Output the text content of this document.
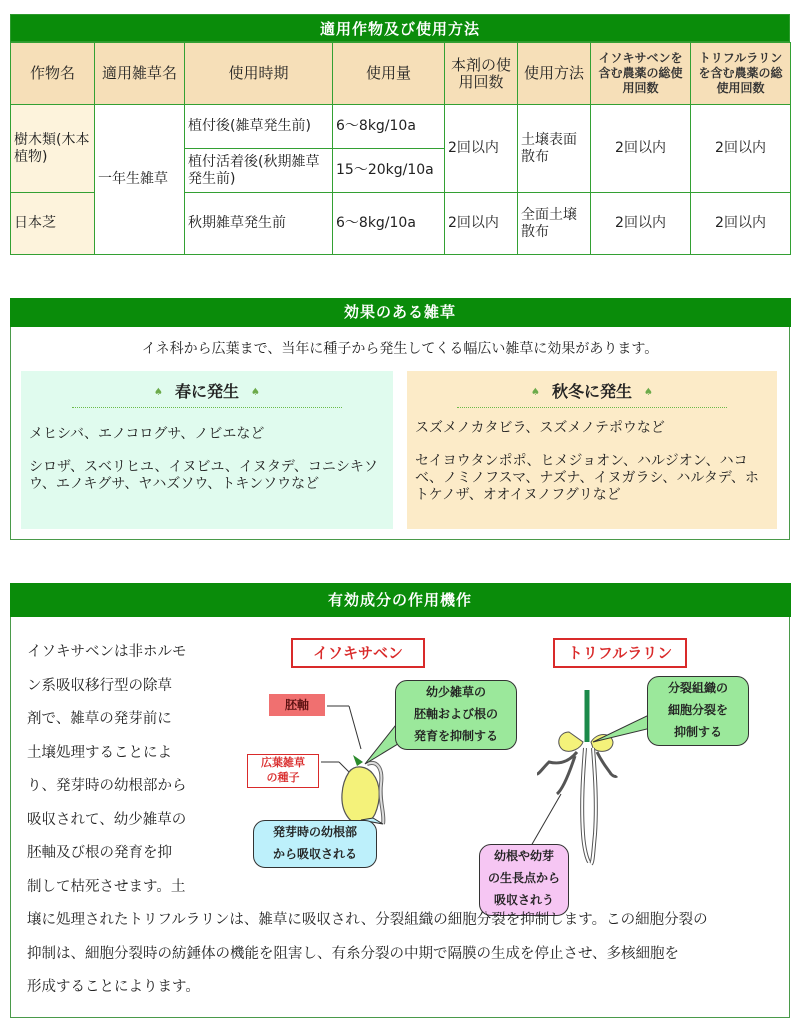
適用作物及び使用方法
作物名	適用雑草名	使用時期	使用量	本剤の使用回数	使用方法	イソキサベンを含む農薬の総使用回数	トリフルラリンを含む農薬の総使用回数
樹木類(木本植物)	一年生雑草	植付後(雑草発生前)	6〜8kg/10a	2回以内	土壌表面散布	2回以内	2回以内
		植付活着後(秋期雑草発生前)	15〜20kg/10a				
日本芝		秋期雑草発生前	6〜8kg/10a	2回以内	全面土壌散布	2回以内	2回以内
効果のある雑草
イネ科から広葉まで、当年に種子から発生してくる幅広い雑草に効果があります。
♠︎ 春に発生 ♠︎

メヒシバ、エノコログサ、ノビエなど

シロザ、スベリヒユ、イヌビユ、イヌタデ、コニシキソウ、エノキグサ、ヤハズソウ、トキンソウなど

♠︎ 秋冬に発生 ♠︎

スズメノカタビラ、スズメノテポウなど

セイヨウタンポポ、ヒメジョオン、ハルジオン、ハコベ、ノミノフスマ、ナズナ、イヌガラシ、ハルタデ、ホトケノザ、オオイヌノフグリなど

有効成分の作用機作

イソキサベンは非ホルモ

ン系吸収移行型の除草

剤で、雑草の発芽前に

土壌処理することによ

り、発芽時の幼根部から

吸収されて、幼少雑草の

胚軸及び根の発育を抑

制して枯死させます。土

イソキサベン	トリフルラリン
胚軸
広葉雑草
の種子
幼少雑草の
胚軸および根の
発育を抑制する
発芽時の幼根部
から吸収される
分裂組織の
細胞分裂を
抑制する
幼根や幼芽
の生長点から
吸収されう

壌に処理されたトリフルラリンは、雑草に吸収され、分裂組織の細胞分裂を抑制します。この細胞分裂の

抑制は、細胞分裂時の紡錘体の機能を阻害し、有糸分裂の中期で隔膜の生成を停止させ、多核細胞を

形成することによります。
